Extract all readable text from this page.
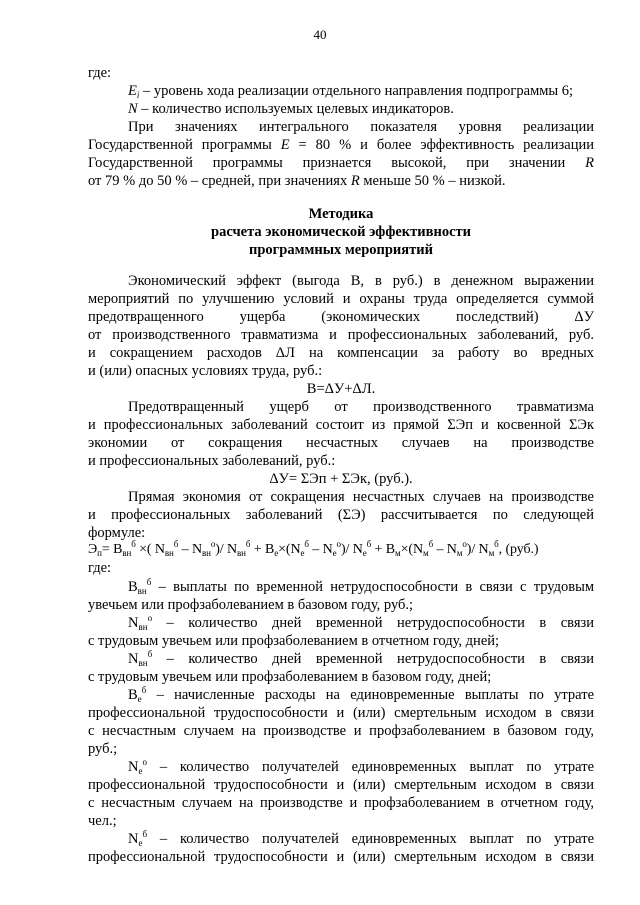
40
где:
$E_i$ – уровень хода реализации отдельного направления подпрограммы 6;
N – количество используемых целевых индикаторов.
При значениях интегрального показателя уровня реализации
Государственной программы E = 80 % и более эффективность реализации
Государственной программы признается высокой, при значении R
от 79 % до 50 % – средней, при значениях R меньше 50 % – низкой.
Методика
расчета экономической эффективности
программных мероприятий
Экономический эффект (выгода В, в руб.) в денежном выражении
мероприятий по улучшению условий и охраны труда определяется суммой
предотвращенного ущерба (экономических последствий) ΔУ
от производственного травматизма и профессиональных заболеваний, руб.
и сокращением расходов ΔЛ на компенсации за работу во вредных
и (или) опасных условиях труда, руб.:
В=ΔУ+ΔЛ.
Предотвращенный ущерб от производственного травматизма
и профессиональных заболеваний состоит из прямой ΣЭп и косвенной ΣЭк
экономии от сокращения несчастных случаев на производстве
и профессиональных заболеваний, руб.:
ΔУ= ΣЭп + ΣЭк, (руб.).
Прямая экономия от сокращения несчастных случаев на производстве
и профессиональных заболеваний (ΣЭ) рассчитывается по следующей
формуле:
$Э_п= В_{вн}^б$ ×( $N_{вн}^б - N_{вн}^о)/$ $N_{вн}^б + В_е\times(N_е^б - N_е^о)/$ $N_е^б + В_м\times(N_м^б - N_м^о)/$ $N_м^б$, (руб.)
где:
$В_{вн}^б$ – выплаты по временной нетрудоспособности в связи с трудовым
увечьем или профзаболеванием в базовом году, руб.;
$N_{вн}^о$ – количество дней временной нетрудоспособности в связи
с трудовым увечьем или профзаболеванием в отчетном году, дней;
$N_{вн}^б$ – количество дней временной нетрудоспособности в связи
с трудовым увечьем или профзаболеванием в базовом году, дней;
$В_е^б$ – начисленные расходы на единовременные выплаты по утрате
профессиональной трудоспособности и (или) смертельным исходом в связи
с несчастным случаем на производстве и профзаболеванием в базовом году,
руб.;
$N_е^о$ – количество получателей единовременных выплат по утрате
профессиональной трудоспособности и (или) смертельным исходом в связи
с несчастным случаем на производстве и профзаболеванием в отчетном году,
чел.;
$N_е^б$ – количество получателей единовременных выплат по утрате
профессиональной трудоспособности и (или) смертельным исходом в связи
